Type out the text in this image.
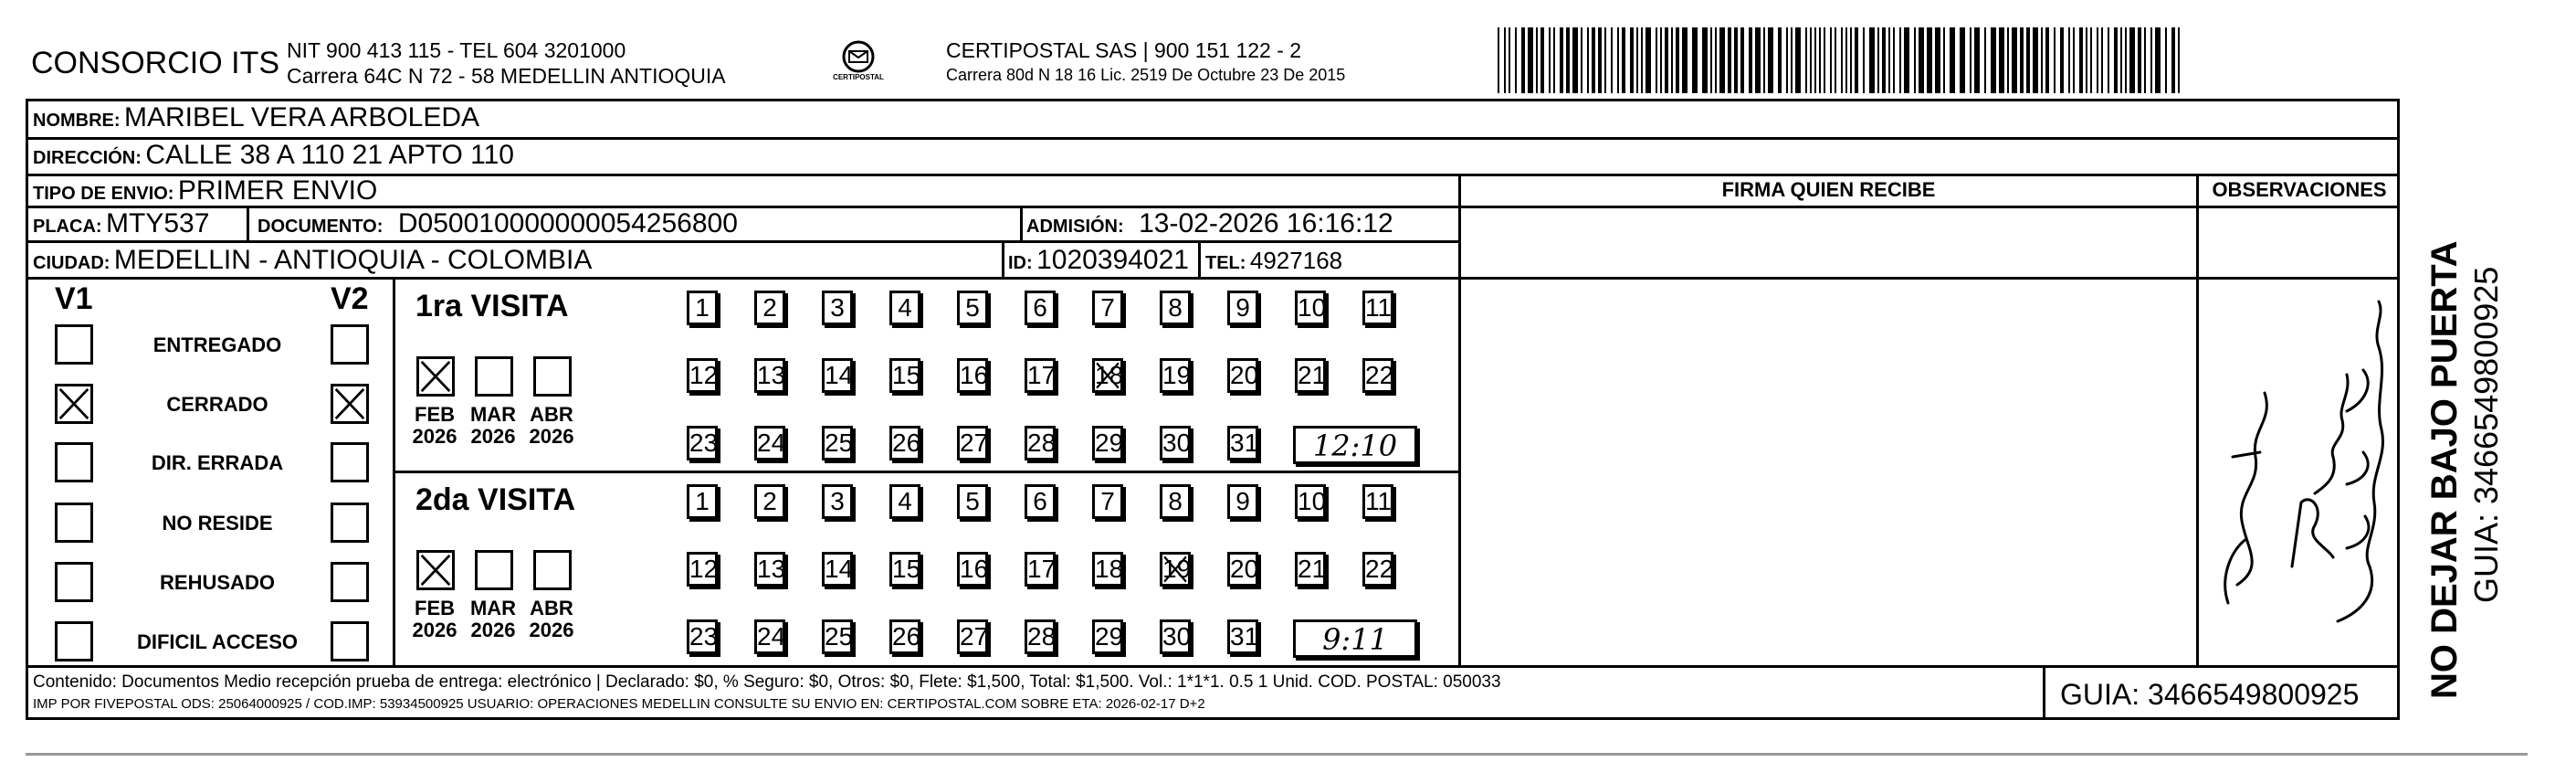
CONSORCIO ITS NIT 900 413 115 - TEL 604 3201000
Carrera 64C N 72 - 58 MEDELLIN ANTIOQUIA	CERTIPOSTAL
CERTIPOSTAL SAS | 900 151 122 - 2
Carrera 80d N 18 16 Lic. 2519 De Octubre 23 De 2015
NOMBRE: MARIBEL VERA ARBOLEDA
DIRECCIÓN: CALLE 38 A 110 21 APTO 110
TIPO DE ENVIO: PRIMER ENVIO	FIRMA QUIEN RECIBE	OBSERVACIONES
PLACA: MTY537	DOCUMENTO: D050010000000054256800	ADMISIÓN: 13-02-2026 16:16:12
CIUDAD: MEDELLIN - ANTIOQUIA - COLOMBIA	ID: 1020394021 TEL: 4927168
V1	V2
ENTREGADO
CERRADO
DIR. ERRADA
NO RESIDE
REHUSADO
DIFICIL ACCESO
1ra VISITA
FEB
2026
MAR
2026
ABR
2026
1	2	3	4	5	6	7	8	9	10 11
12 13 14 15 16 17 18 19 20 21 22
23 24 25 26 27 28 29 30 31	12:10
2da VISITA
FEB
2026
MAR
2026
ABR
2026
1	2	3	4	5	6	7	8	9	10 11
12 13 14 15 16 17 18 19 20 21 22
23 24 25 26 27 28 29 30 31	9:11	NO DEJAR BAJO PUERTA GUIA: 3466549800925
Contenido: Documentos Medio recepción prueba de entrega: electrónico | Declarado: $0, % Seguro: $0, Otros: $0, Flete: $1,500, Total: $1,500. Vol.: 1*1*1. 0.5 1 Unid. COD. POSTAL: 050033
IMP POR FIVEPOSTAL ODS: 25064000925 / COD.IMP: 53934500925 USUARIO: OPERACIONES MEDELLIN CONSULTE SU ENVIO EN: CERTIPOSTAL.COM SOBRE ETA: 2026-02-17 D+2	GUIA: 3466549800925
